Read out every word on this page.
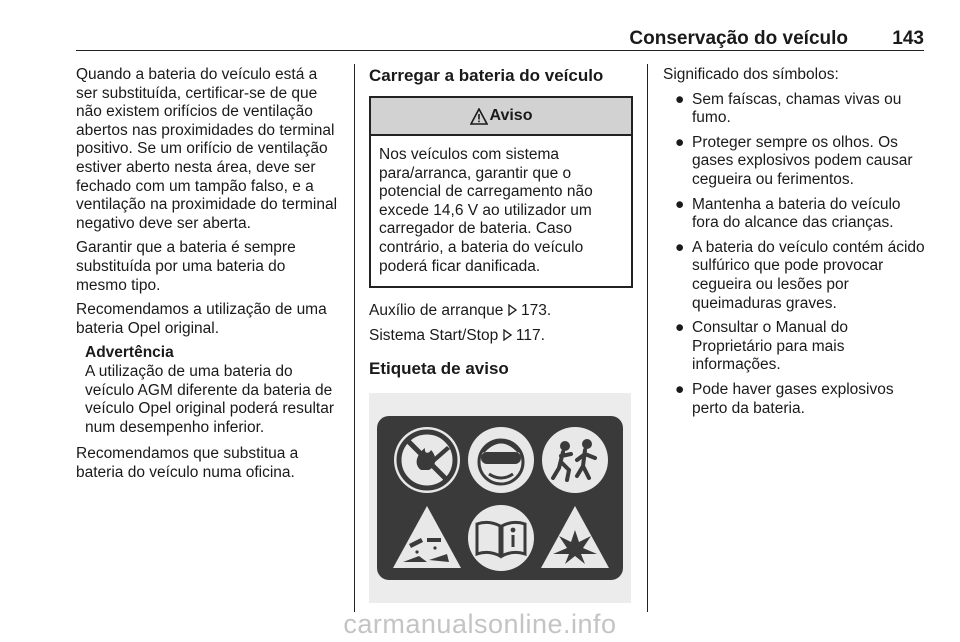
Conservação do veículo 143

Quando a bateria do veículo está a ser substituída, certificar-se de que não existem orifícios de ventilação abertos nas proximidades do terminal positivo. Se um orifício de ventilação estiver aberto nesta área, deve ser fechado com um tampão falso, e a ventilação na proximidade do terminal negativo deve ser aberta.

Garantir que a bateria é sempre substituída por uma bateria do mesmo tipo.

Recomendamos a utilização de uma bateria Opel original.

Advertência
A utilização de uma bateria do veículo AGM diferente da bateria de veículo Opel original poderá resultar num desempenho inferior.

Recomendamos que substitua a bateria do veículo numa oficina.

Carregar a bateria do veículo
Aviso
Nos veículos com sistema para/arranca, garantir que o potencial de carregamento não excede 14,6 V ao utilizador um carregador de bateria. Caso contrário, a bateria do veículo poderá ficar danificada.

Auxílio de arranque 173.

Sistema Start/Stop 117.

Etiqueta de aviso

Significado dos símbolos:

● Sem faíscas, chamas vivas ou fumo.
● Proteger sempre os olhos. Os gases explosivos podem causar cegueira ou ferimentos.
● Mantenha a bateria do veículo fora do alcance das crianças.
● A bateria do veículo contém ácido sulfúrico que pode provocar cegueira ou lesões por queimaduras graves.
● Consultar o Manual do Proprietário para mais informações.
● Pode haver gases explosivos perto da bateria.
carmanualsonline.info
